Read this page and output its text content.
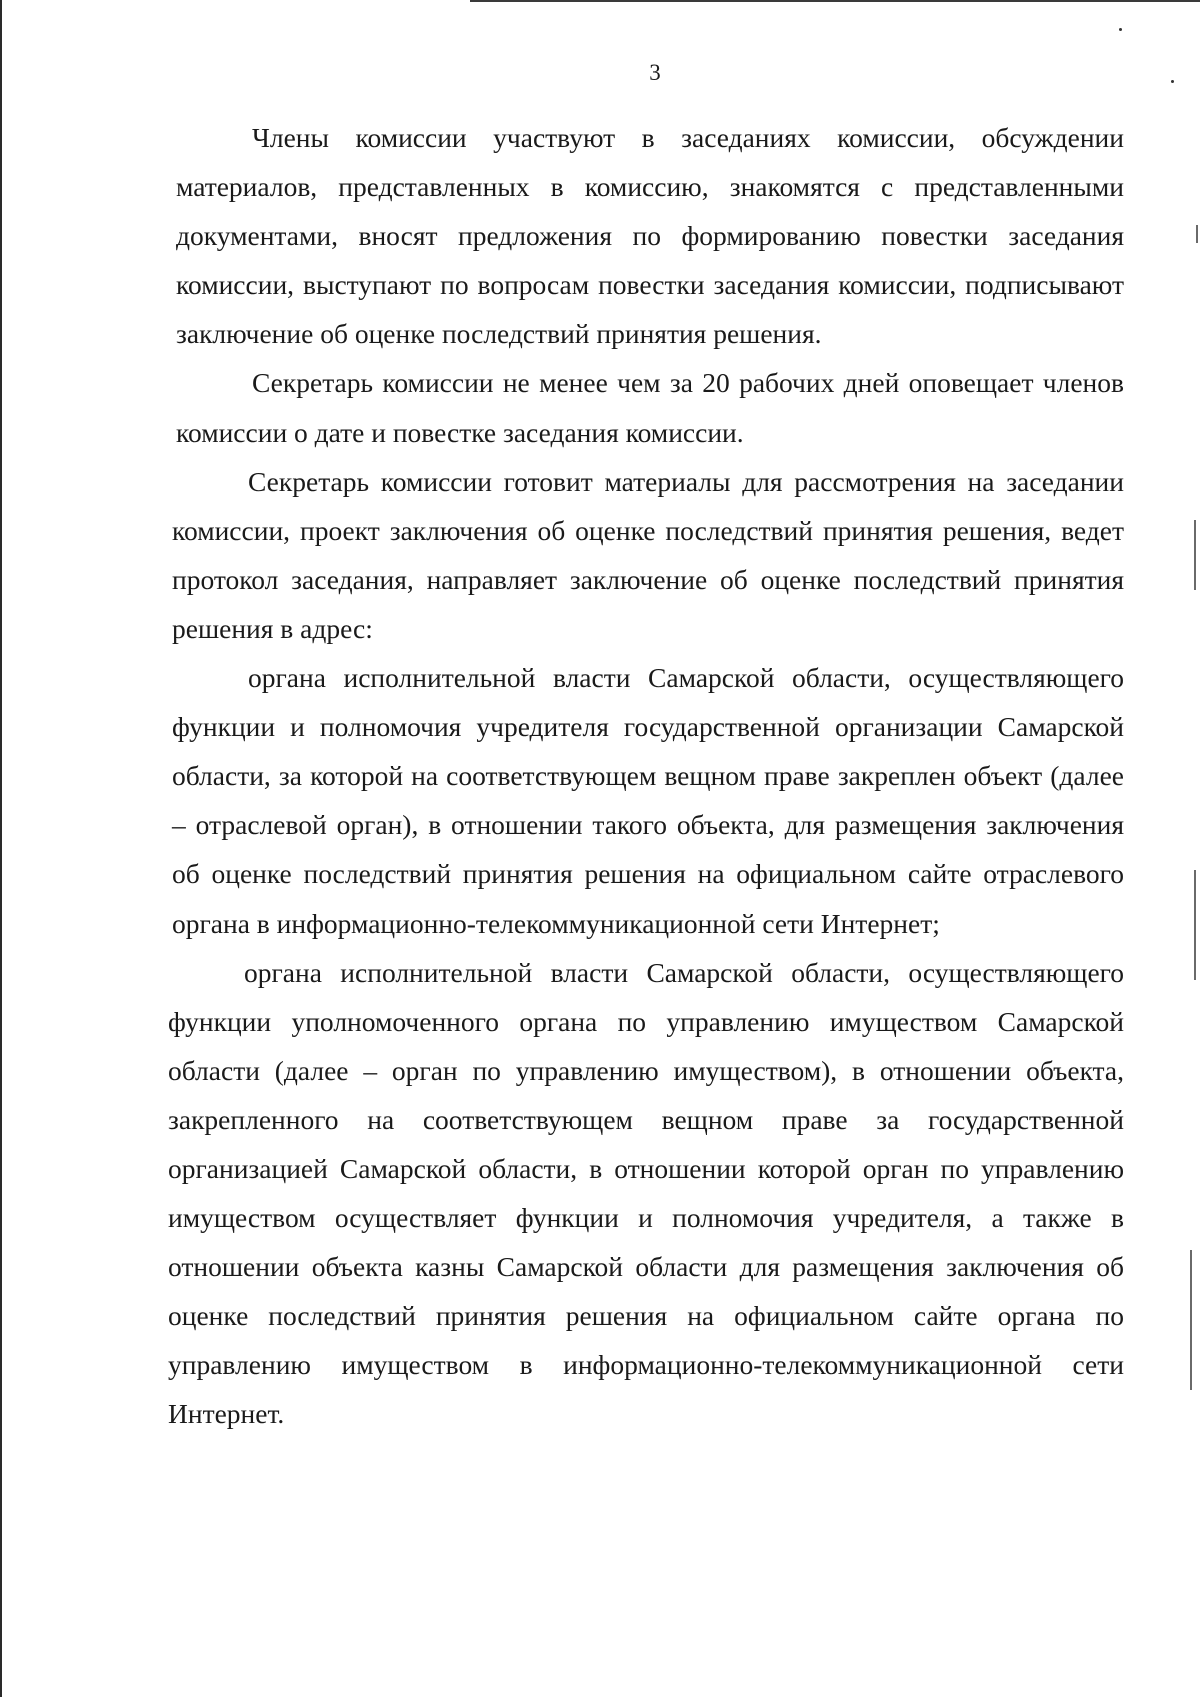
3

Члены комиссии участвуют в заседаниях комиссии, обсуждении материалов, представленных в комиссию, знакомятся с представленными документами, вносят предложения по формированию повестки заседания комиссии, выступают по вопросам повестки заседания комиссии, подписывают заключение об оценке последствий принятия решения.

Секретарь комиссии не менее чем за 20 рабочих дней оповещает членов комиссии о дате и повестке заседания комиссии.

Секретарь комиссии готовит материалы для рассмотрения на заседании комиссии, проект заключения об оценке последствий принятия решения, ведет протокол заседания, направляет заключение об оценке последствий принятия решения в адрес:

органа исполнительной власти Самарской области, осуществляющего функции и полномочия учредителя государственной организации Самарской области, за которой на соответствующем вещном праве закреплен объект (далее – отраслевой орган), в отношении такого объекта, для размещения заключения об оценке последствий принятия решения на официальном сайте отраслевого органа в информационно-телекоммуникационной сети Интернет;

органа исполнительной власти Самарской области, осуществляющего функции уполномоченного органа по управлению имуществом Самарской области (далее – орган по управлению имуществом), в отношении объекта, закрепленного на соответствующем вещном праве за государственной организацией Самарской области, в отношении которой орган по управлению имуществом осуществляет функции и полномочия учредителя, а также в отношении объекта казны Самарской области для размещения заключения об оценке последствий принятия решения на официальном сайте органа по управлению имуществом в информационно-телекоммуникационной сети Интернет.
